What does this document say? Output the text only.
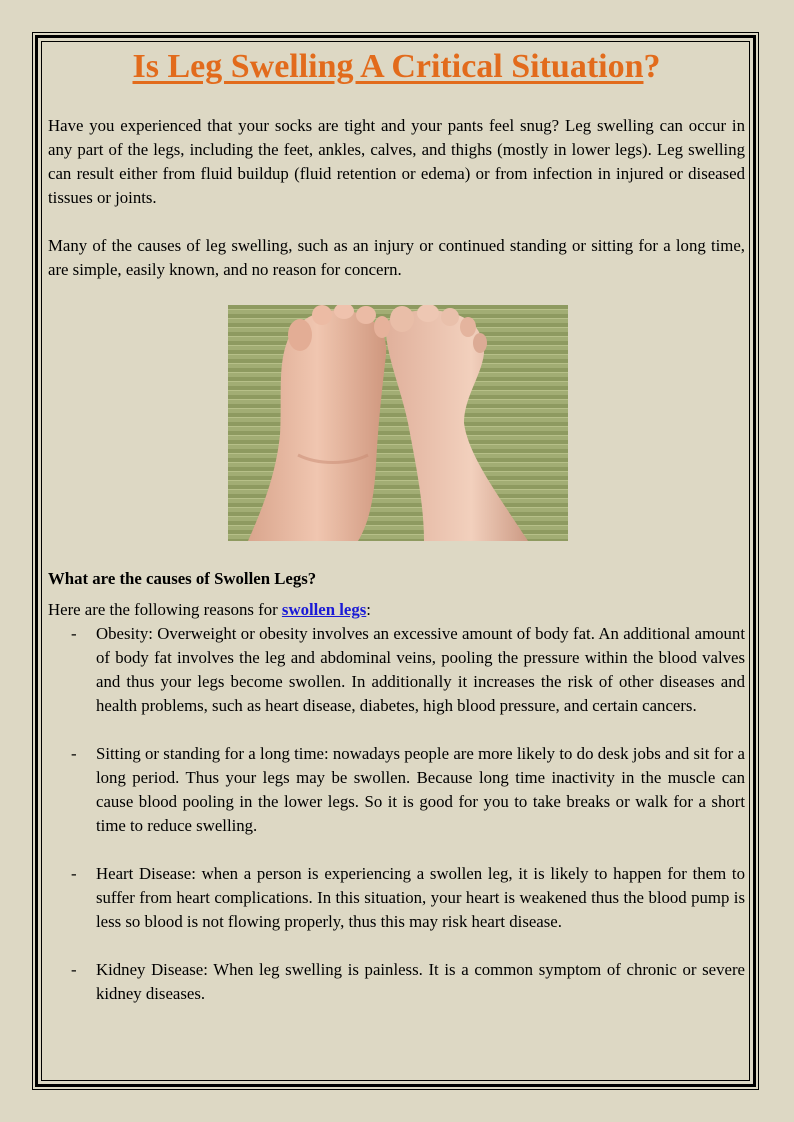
Is Leg Swelling A Critical Situation?

Have you experienced that your socks are tight and your pants feel snug? Leg swelling can occur in any part of the legs, including the feet, ankles, calves, and thighs (mostly in lower legs). Leg swelling can result either from fluid buildup (fluid retention or edema) or from infection in injured or diseased tissues or joints.

Many of the causes of leg swelling, such as an injury or continued standing or sitting for a long time, are simple, easily known, and no reason for concern.

What are the causes of Swollen Legs?

Here are the following reasons for swollen legs:

- Obesity: Overweight or obesity involves an excessive amount of body fat. An additional amount of body fat involves the leg and abdominal veins, pooling the pressure within the blood valves and thus your legs become swollen. In additionally it increases the risk of other diseases and health problems, such as heart disease, diabetes, high blood pressure, and certain cancers.
- Sitting or standing for a long time: nowadays people are more likely to do desk jobs and sit for a long period. Thus your legs may be swollen. Because long time inactivity in the muscle can cause blood pooling in the lower legs. So it is good for you to take breaks or walk for a short time to reduce swelling.
- Heart Disease: when a person is experiencing a swollen leg, it is likely to happen for them to suffer from heart complications. In this situation, your heart is weakened thus the blood pump is less so blood is not flowing properly, thus this may risk heart disease.
- Kidney Disease: When leg swelling is painless. It is a common symptom of chronic or severe kidney diseases.
